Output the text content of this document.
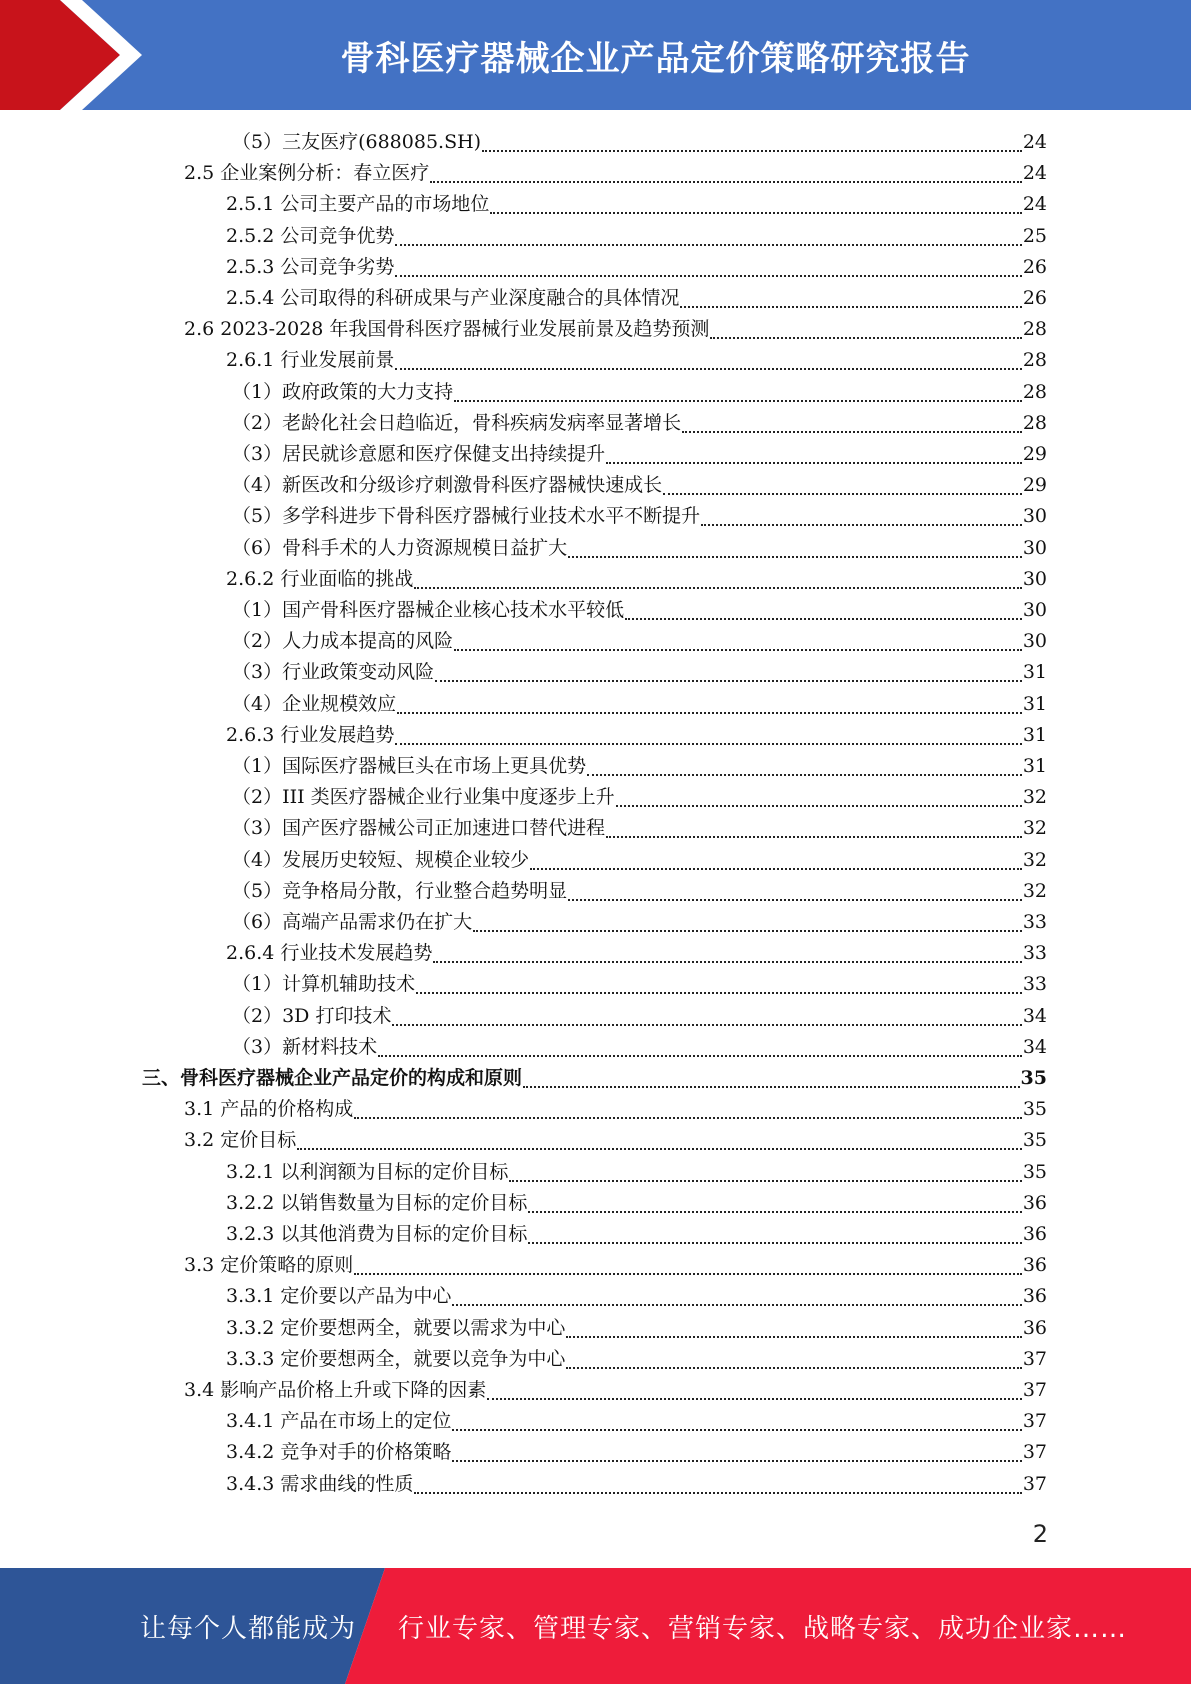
骨科医疗器械企业产品定价策略研究报告
（5）三友医疗(688085.SH)	24
2.5 企业案例分析：春立医疗	24
2.5.1 公司主要产品的市场地位	24
2.5.2 公司竞争优势	25
2.5.3 公司竞争劣势	26
2.5.4 公司取得的科研成果与产业深度融合的具体情况	26
2.6 2023-2028 年我国骨科医疗器械行业发展前景及趋势预测	28
2.6.1 行业发展前景	28
（1）政府政策的大力支持	28
（2）老龄化社会日趋临近，骨科疾病发病率显著增长	28
（3）居民就诊意愿和医疗保健支出持续提升	29
（4）新医改和分级诊疗刺激骨科医疗器械快速成长	29
（5）多学科进步下骨科医疗器械行业技术水平不断提升	30
（6）骨科手术的人力资源规模日益扩大	30
2.6.2 行业面临的挑战	30
（1）国产骨科医疗器械企业核心技术水平较低	30
（2）人力成本提高的风险	30
（3）行业政策变动风险	31
（4）企业规模效应	31
2.6.3 行业发展趋势	31
（1）国际医疗器械巨头在市场上更具优势	31
（2）III 类医疗器械企业行业集中度逐步上升	32
（3）国产医疗器械公司正加速进口替代进程	32
（4）发展历史较短、规模企业较少	32
（5）竞争格局分散，行业整合趋势明显	32
（6）高端产品需求仍在扩大	33
2.6.4 行业技术发展趋势	33
（1）计算机辅助技术	33
（2）3D 打印技术	34
（3）新材料技术	34
三、骨科医疗器械企业产品定价的构成和原则	35
3.1 产品的价格构成	35
3.2 定价目标	35
3.2.1 以利润额为目标的定价目标	35
3.2.2 以销售数量为目标的定价目标	36
3.2.3 以其他消费为目标的定价目标	36
3.3 定价策略的原则	36
3.3.1 定价要以产品为中心	36
3.3.2 定价要想两全，就要以需求为中心	36
3.3.3 定价要想两全，就要以竞争为中心	37
3.4 影响产品价格上升或下降的因素	37
3.4.1 产品在市场上的定位	37
3.4.2 竞争对手的价格策略	37
3.4.3 需求曲线的性质	37
2
让每个人都能成为 行业专家、管理专家、营销专家、战略专家、成功企业家……
